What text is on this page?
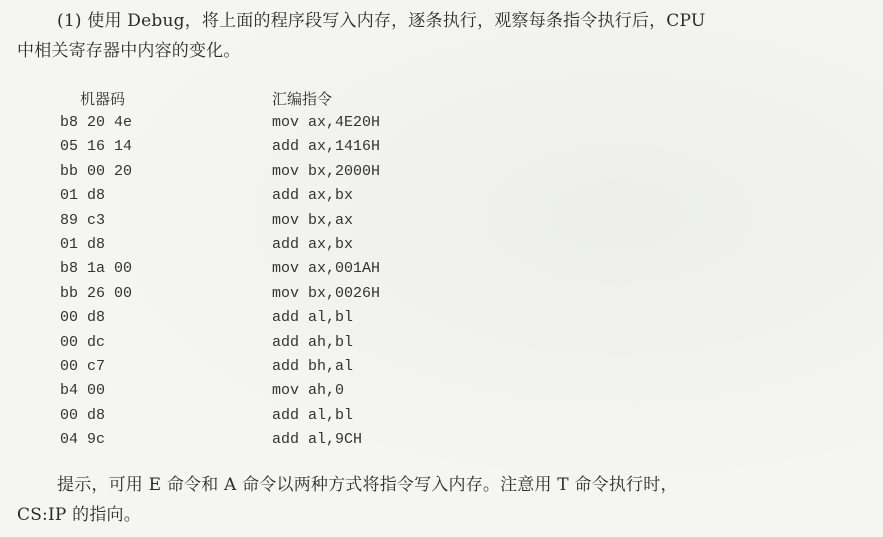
(1) 使用 Debug，将上面的程序段写入内存，逐条执行，观察每条指令执行后，CPU
中相关寄存器中内容的变化。
机器码	汇编指令
b8 20 4e	mov ax,4E20H
05 16 14	add ax,1416H
bb 00 20	mov bx,2000H
01 d8	add ax,bx
89 c3	mov bx,ax
01 d8	add ax,bx
b8 1a 00	mov ax,001AH
bb 26 00	mov bx,0026H
00 d8	add al,bl
00 dc	add ah,bl
00 c7	add bh,al
b4 00	mov ah,0
00 d8	add al,bl
04 9c	add al,9CH
提示，可用 E 命令和 A 命令以两种方式将指令写入内存。注意用 T 命令执行时，
CS:IP 的指向。
